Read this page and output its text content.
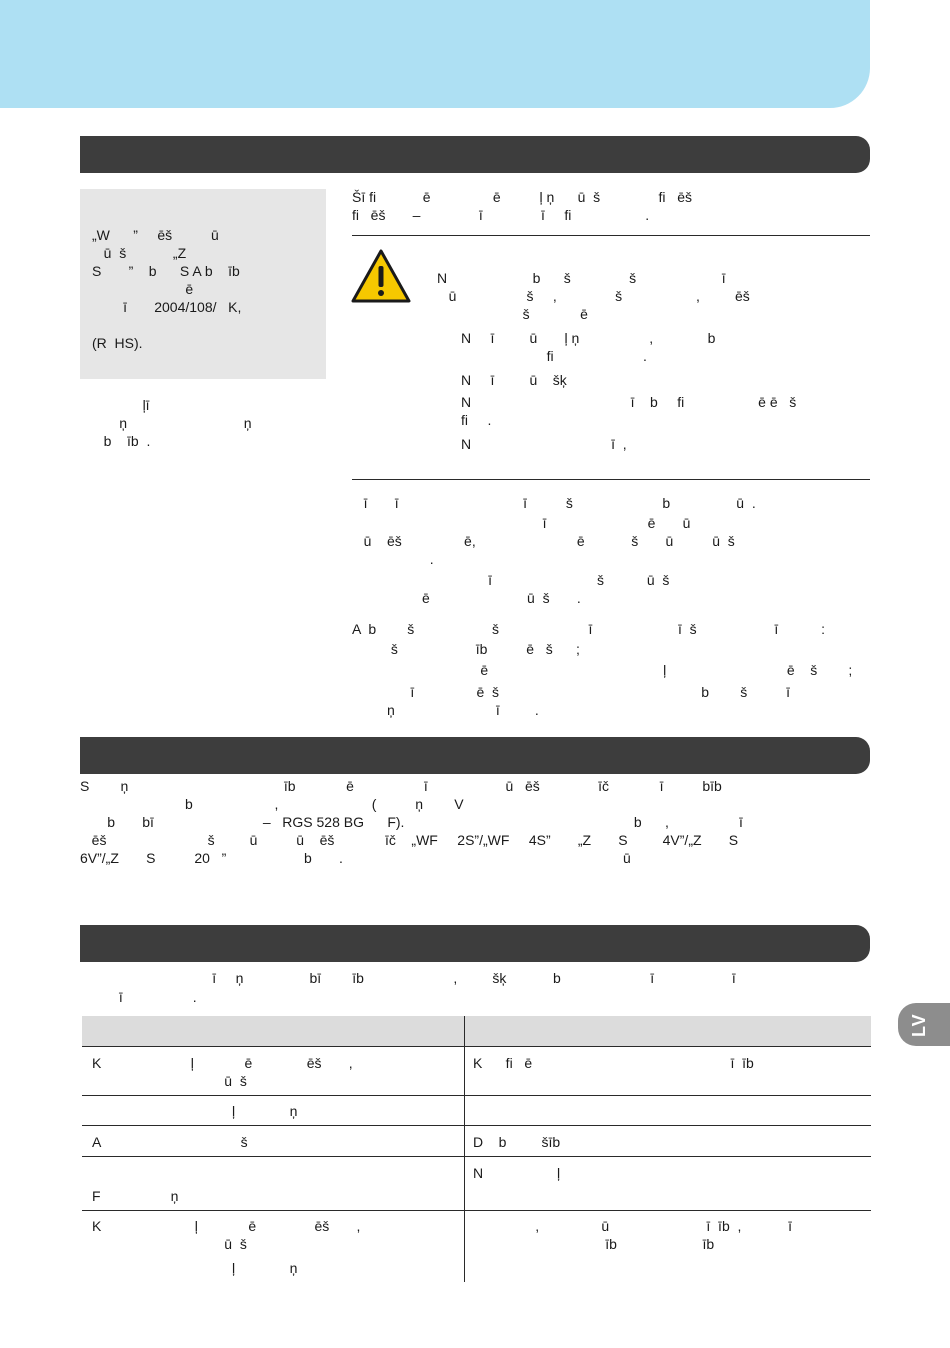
„W      ”     ēš          ū
ū  š            „Z
S       ”    b      S A b    īb
ē
ī       2004/108/   K,
(R  HS).
ļī
ņ                              ņ
b    īb  .
Šī fi            ē                ē          ļ ņ      ū  š               fi   ēš
fi   ēš       –               ī               ī     fi                   .
N                      b      š               š                      ī
ū                  š     ,               š                   ,         ēš
š             ē
N     ī         ū       ļ ņ                  ,              b
fi                       .
N     ī         ū    šķ
N                                         ī    b     fi                   ē ē   š
fi     .
N                                    ī  ,
ī       ī                                ī          š                       b                 ū  .
ī                          ē       ū
ū    ēš                ē,                          ē            š       ū          ū  š
.
ī                           š           ū  š
ē                         ū  š       .
A  b        š                    š                       ī                      ī  š                    ī           :
š                    īb          ē   š      ;
ē                                             ļ                               ē    š        ;
ī                ē  š                                                    b        š          ī
ņ                          ī         .
S        ņ                                        īb             ē                  ī                    ū   ēš               īč             ī          bīb
b                     ,                        (          ņ        V
b       bī                            –   RGS 528 BG      F).                                                           b      ,                  ī
ēš                          š         ū          ū    ēš             īč    „WF     2S”/„WF     4S”       „Z       S         4V”/„Z       S
6V”/„Z       S          20   ”                    b       .                                                                        ū
ī     ņ                 bī        īb                       ,         šķ            b                       ī                    ī
ī                  .
LV
K                       ļ             ē              ēš       ,
ū  š
K      fi   ē                                                   ī  īb
ļ              ņ
A                                    š	D    b         šīb
F                  ņ
N                   ļ
K                        ļ             ē               ēš       ,
ū  š
ļ              ņ
,                ū                         ī  īb  ,            ī
īb                      īb
